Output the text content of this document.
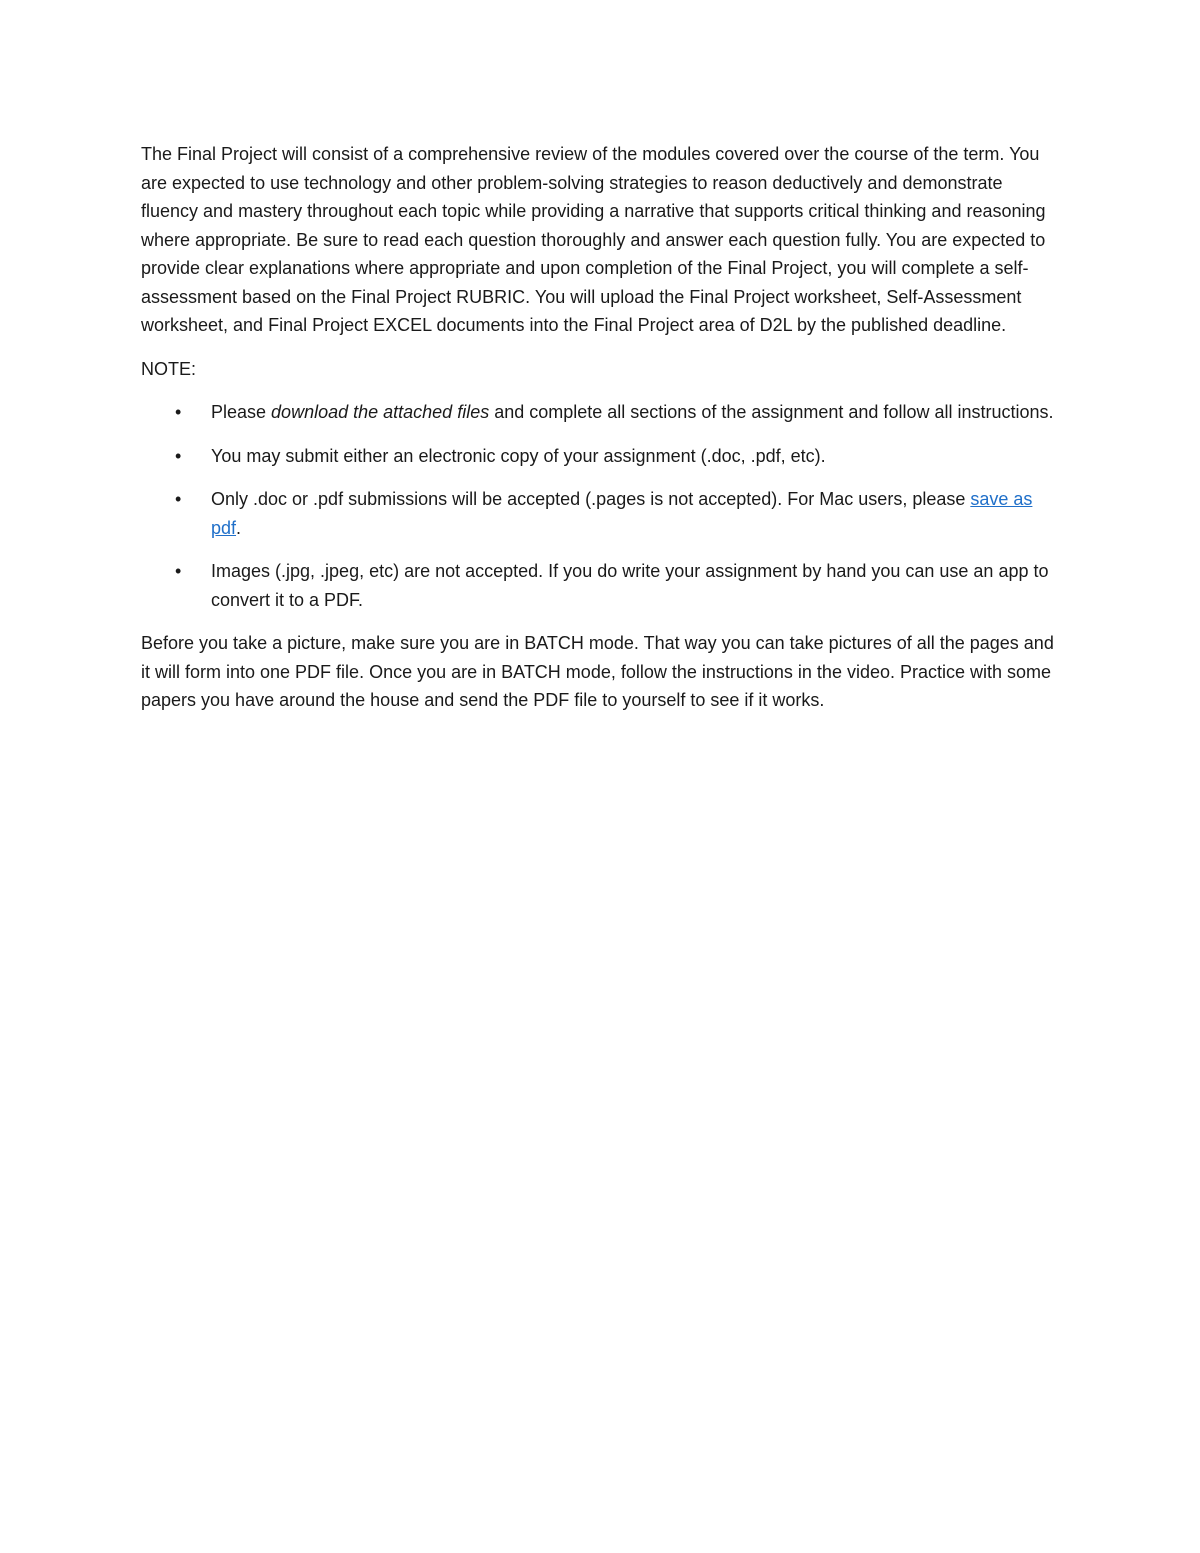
The Final Project will consist of a comprehensive review of the modules covered over the course of the term. You are expected to use technology and other problem-solving strategies to reason deductively and demonstrate fluency and mastery throughout each topic while providing a narrative that supports critical thinking and reasoning where appropriate. Be sure to read each question thoroughly and answer each question fully. You are expected to provide clear explanations where appropriate and upon completion of the Final Project, you will complete a self-assessment based on the Final Project RUBRIC. You will upload the Final Project worksheet, Self-Assessment worksheet, and Final Project EXCEL documents into the Final Project area of D2L by the published deadline.

NOTE:

• Please download the attached files and complete all sections of the assignment and follow all instructions.
• You may submit either an electronic copy of your assignment (.doc, .pdf, etc).
• Only .doc or .pdf submissions will be accepted (.pages is not accepted). For Mac users, please save as pdf.
• Images (.jpg, .jpeg, etc) are not accepted. If you do write your assignment by hand you can use an app to convert it to a PDF.

Before you take a picture, make sure you are in BATCH mode. That way you can take pictures of all the pages and it will form into one PDF file. Once you are in BATCH mode, follow the instructions in the video. Practice with some papers you have around the house and send the PDF file to yourself to see if it works.
